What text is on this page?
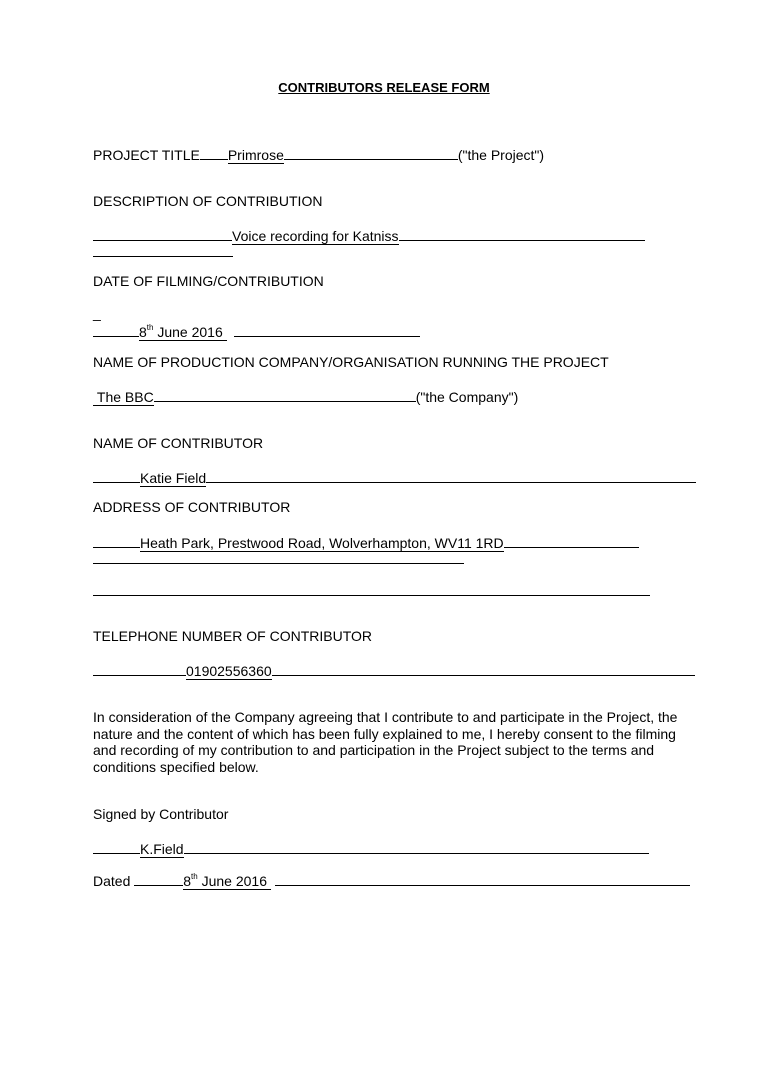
CONTRIBUTORS RELEASE FORM
PROJECT TITLE Primrose	("the Project")
DESCRIPTION OF CONTRIBUTION
Voice recording for Katniss
DATE OF FILMING/CONTRIBUTION
_
8th June 2016
NAME OF PRODUCTION COMPANY/ORGANISATION RUNNING THE PROJECT
The BBC	("the Company")
NAME OF CONTRIBUTOR
Katie Field
ADDRESS OF CONTRIBUTOR
Heath Park, Prestwood Road, Wolverhampton, WV11 1RD
TELEPHONE NUMBER OF CONTRIBUTOR
01902556360
In consideration of the Company agreeing that I contribute to and participate in the Project, the nature and the content of which has been fully explained to me, I hereby consent to the filming and recording of my contribution to and participation in the Project subject to the terms and conditions specified below.
Signed by Contributor
K.Field
Dated	8th June 2016
